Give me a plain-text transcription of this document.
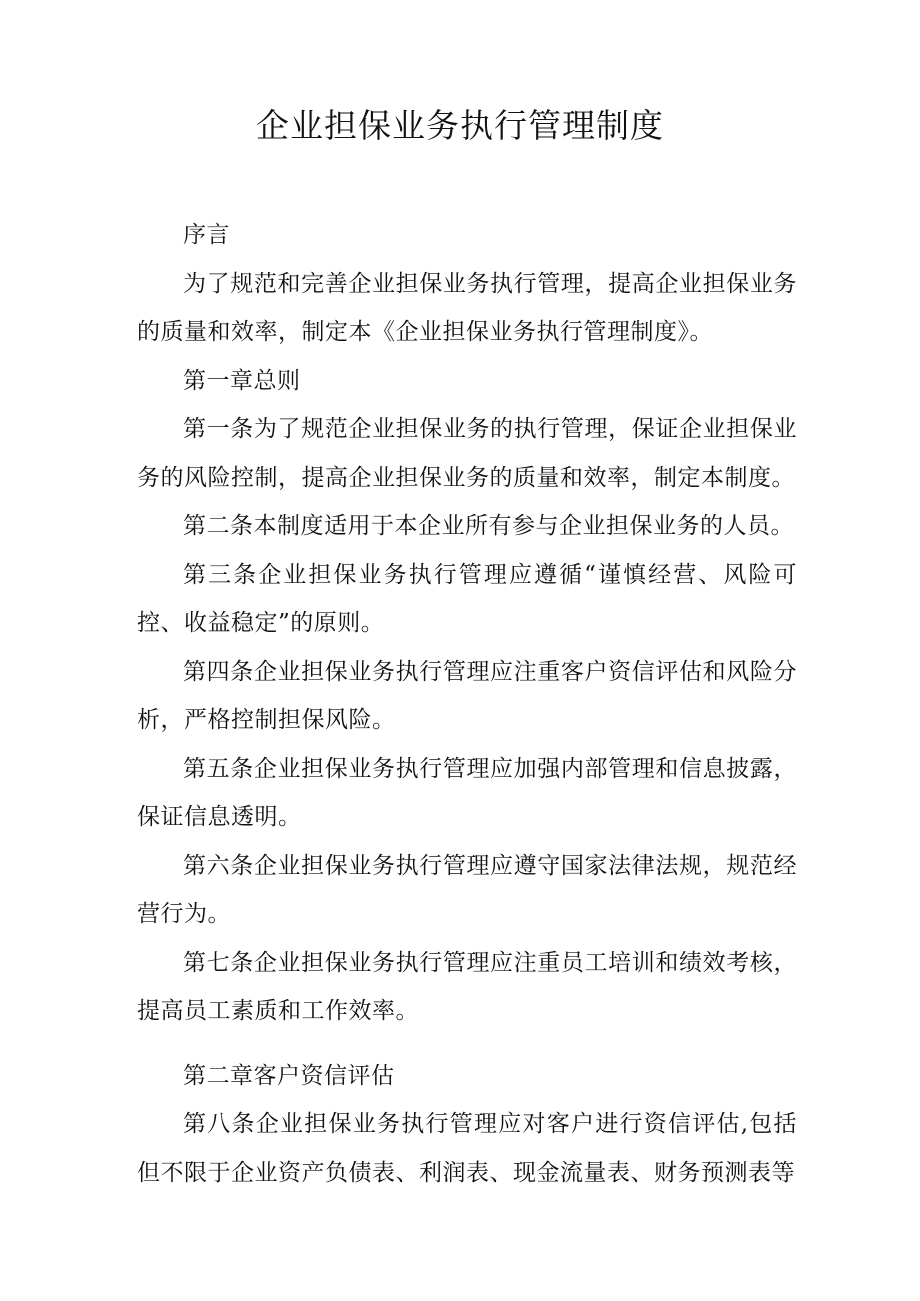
企业担保业务执行管理制度

序言

为了规范和完善企业担保业务执行管理，提高企业担保业务的质量和效率，制定本《企业担保业务执行管理制度》。

第一章总则

第一条为了规范企业担保业务的执行管理，保证企业担保业务的风险控制，提高企业担保业务的质量和效率，制定本制度。

第二条本制度适用于本企业所有参与企业担保业务的人员。

第三条企业担保业务执行管理应遵循“谨慎经营、风险可控、收益稳定”的原则。

第四条企业担保业务执行管理应注重客户资信评估和风险分析，严格控制担保风险。

第五条企业担保业务执行管理应加强内部管理和信息披露，保证信息透明。

第六条企业担保业务执行管理应遵守国家法律法规，规范经营行为。

第七条企业担保业务执行管理应注重员工培训和绩效考核，提高员工素质和工作效率。

第二章客户资信评估

第八条企业担保业务执行管理应对客户进行资信评估,包括但不限于企业资产负债表、利润表、现金流量表、财务预测表等
